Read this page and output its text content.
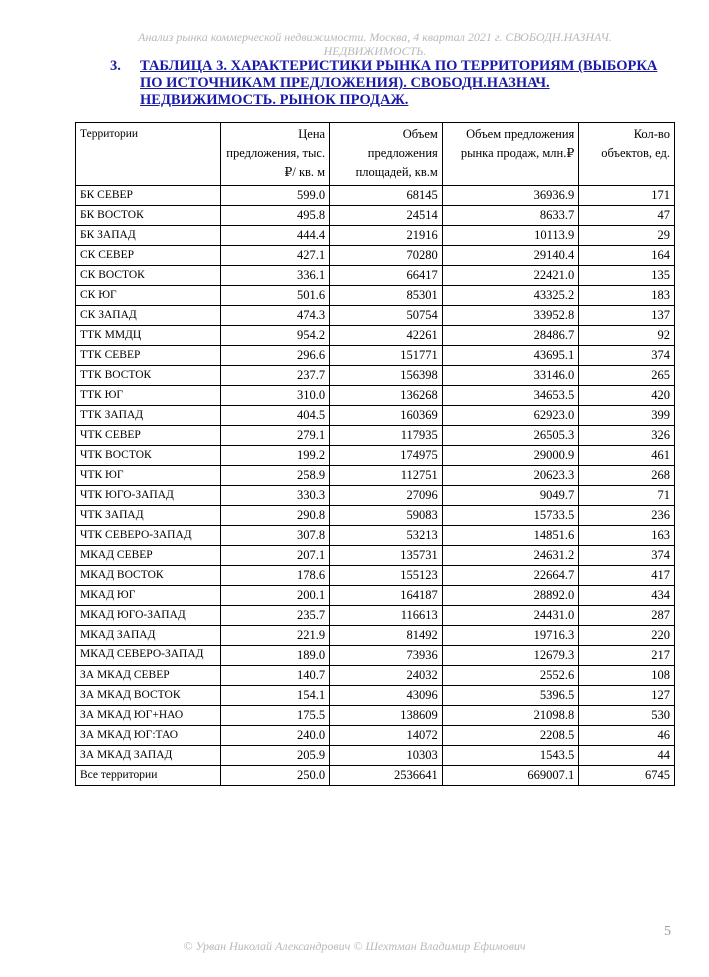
Анализ рынка коммерческой недвижимости. Москва, 4 квартал 2021 г. СВОБОДН.НАЗНАЧ. НЕДВИЖИМОСТЬ.
3.	ТАБЛИЦА 3. ХАРАКТЕРИСТИКИ РЫНКА ПО ТЕРРИТОРИЯМ (ВЫБОРКА ПО ИСТОЧНИКАМ ПРЕДЛОЖЕНИЯ). СВОБОДН.НАЗНАЧ. НЕДВИЖИМОСТЬ. РЫНОК ПРОДАЖ.
Территории	Цена предложения, тыс.₽/ кв. м	Объем предложения площадей, кв.м	Объем предложения рынка продаж, млн.₽	Кол-во объектов, ед.
БК СЕВЕР	599.0	68145	36936.9	171
БК ВОСТОК	495.8	24514	8633.7	47
БК ЗАПАД	444.4	21916	10113.9	29
СК СЕВЕР	427.1	70280	29140.4	164
СК ВОСТОК	336.1	66417	22421.0	135
СК ЮГ	501.6	85301	43325.2	183
СК ЗАПАД	474.3	50754	33952.8	137
ТТК ММДЦ	954.2	42261	28486.7	92
ТТК СЕВЕР	296.6	151771	43695.1	374
ТТК ВОСТОК	237.7	156398	33146.0	265
ТТК ЮГ	310.0	136268	34653.5	420
ТТК ЗАПАД	404.5	160369	62923.0	399
ЧТК СЕВЕР	279.1	117935	26505.3	326
ЧТК ВОСТОК	199.2	174975	29000.9	461
ЧТК ЮГ	258.9	112751	20623.3	268
ЧТК ЮГО-ЗАПАД	330.3	27096	9049.7	71
ЧТК ЗАПАД	290.8	59083	15733.5	236
ЧТК СЕВЕРО-ЗАПАД	307.8	53213	14851.6	163
МКАД СЕВЕР	207.1	135731	24631.2	374
МКАД ВОСТОК	178.6	155123	22664.7	417
МКАД ЮГ	200.1	164187	28892.0	434
МКАД ЮГО-ЗАПАД	235.7	116613	24431.0	287
МКАД ЗАПАД	221.9	81492	19716.3	220
МКАД СЕВЕРО-ЗАПАД	189.0	73936	12679.3	217
ЗА МКАД СЕВЕР	140.7	24032	2552.6	108
ЗА МКАД ВОСТОК	154.1	43096	5396.5	127
ЗА МКАД ЮГ+НАО	175.5	138609	21098.8	530
ЗА МКАД ЮГ:ТАО	240.0	14072	2208.5	46
ЗА МКАД ЗАПАД	205.9	10303	1543.5	44
Все территории	250.0	2536641	669007.1	6745
5
© Урван Николай Александрович © Шехтман Владимир Ефимович
